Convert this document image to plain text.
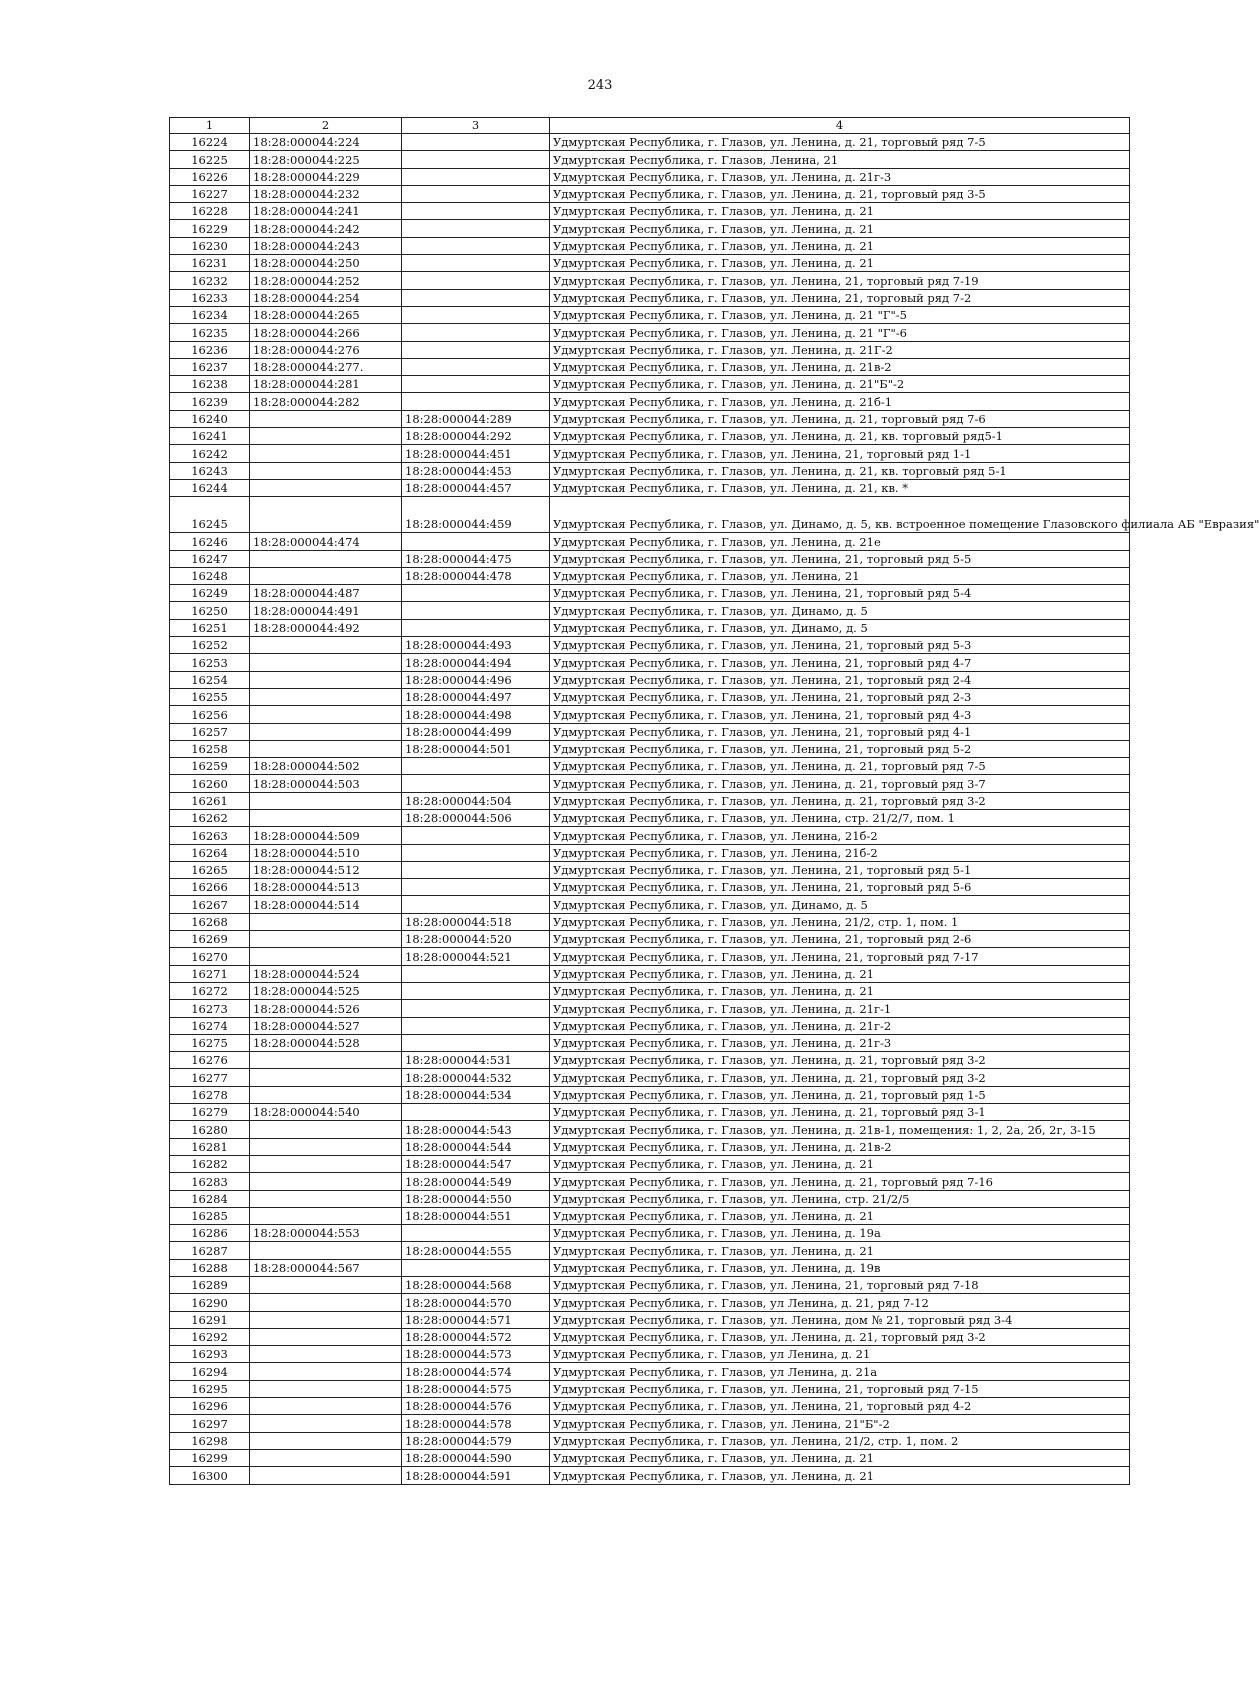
243
1	2	3	4
16224	18:28:000044:224		Удмуртская Республика, г. Глазов, ул. Ленина, д. 21, торговый ряд 7-5
16225	18:28:000044:225		Удмуртская Республика, г. Глазов, Ленина, 21
16226	18:28:000044:229		Удмуртская Республика, г. Глазов, ул. Ленина, д. 21г-3
16227	18:28:000044:232		Удмуртская Республика, г. Глазов, ул. Ленина, д. 21, торговый ряд 3-5
16228	18:28:000044:241		Удмуртская Республика, г. Глазов, ул. Ленина, д. 21
16229	18:28:000044:242		Удмуртская Республика, г. Глазов, ул. Ленина, д. 21
16230	18:28:000044:243		Удмуртская Республика, г. Глазов, ул. Ленина, д. 21
16231	18:28:000044:250		Удмуртская Республика, г. Глазов, ул. Ленина, д. 21
16232	18:28:000044:252		Удмуртская Республика, г. Глазов, ул. Ленина, 21, торговый ряд 7-19
16233	18:28:000044:254		Удмуртская Республика, г. Глазов, ул. Ленина, 21, торговый ряд 7-2
16234	18:28:000044:265		Удмуртская Республика, г. Глазов, ул. Ленина, д. 21 "Г"-5
16235	18:28:000044:266		Удмуртская Республика, г. Глазов, ул. Ленина, д. 21 "Г"-6
16236	18:28:000044:276		Удмуртская Республика, г. Глазов, ул. Ленина, д. 21Г-2
16237	18:28:000044:277.		Удмуртская Республика, г. Глазов, ул. Ленина, д. 21в-2
16238	18:28:000044:281		Удмуртская Республика, г. Глазов, ул. Ленина, д. 21"Б"-2
16239	18:28:000044:282		Удмуртская Республика, г. Глазов, ул. Ленина, д. 21б-1
16240		18:28:000044:289	Удмуртская Республика, г. Глазов, ул. Ленина, д. 21, торговый ряд 7-6
16241		18:28:000044:292	Удмуртская Республика, г. Глазов, ул. Ленина, д. 21, кв. торговый ряд5-1
16242		18:28:000044:451	Удмуртская Республика, г. Глазов, ул. Ленина, 21, торговый ряд 1-1
16243		18:28:000044:453	Удмуртская Республика, г. Глазов, ул. Ленина, д. 21, кв. торговый ряд 5-1
16244		18:28:000044:457	Удмуртская Республика, г. Глазов, ул. Ленина, д. 21, кв. *
16245		18:28:000044:459	Удмуртская Республика, г. Глазов, ул. Динамо, д. 5, кв. встроенное помещение Глазовского филиала АБ "Евразия"
16246	18:28:000044:474		Удмуртская Республика, г. Глазов, ул. Ленина, д. 21е
16247		18:28:000044:475	Удмуртская Республика, г. Глазов, ул. Ленина, 21, торговый ряд 5-5
16248		18:28:000044:478	Удмуртская Республика, г. Глазов, ул. Ленина, 21
16249	18:28:000044:487		Удмуртская Республика, г. Глазов, ул. Ленина, 21, торговый ряд 5-4
16250	18:28:000044:491		Удмуртская Республика, г. Глазов, ул. Динамо, д. 5
16251	18:28:000044:492		Удмуртская Республика, г. Глазов, ул. Динамо, д. 5
16252		18:28:000044:493	Удмуртская Республика, г. Глазов, ул. Ленина, 21, торговый ряд 5-3
16253		18:28:000044:494	Удмуртская Республика, г. Глазов, ул. Ленина, 21, торговый ряд 4-7
16254		18:28:000044:496	Удмуртская Республика, г. Глазов, ул. Ленина, 21, торговый ряд 2-4
16255		18:28:000044:497	Удмуртская Республика, г. Глазов, ул. Ленина, 21, торговый ряд 2-3
16256		18:28:000044:498	Удмуртская Республика, г. Глазов, ул. Ленина, 21, торговый ряд 4-3
16257		18:28:000044:499	Удмуртская Республика, г. Глазов, ул. Ленина, 21, торговый ряд 4-1
16258		18:28:000044:501	Удмуртская Республика, г. Глазов, ул. Ленина, 21, торговый ряд 5-2
16259	18:28:000044:502		Удмуртская Республика, г. Глазов, ул. Ленина, д. 21, торговый ряд 7-5
16260	18:28:000044:503		Удмуртская Республика, г. Глазов, ул. Ленина, д. 21, торговый ряд 3-7
16261		18:28:000044:504	Удмуртская Республика, г. Глазов, ул. Ленина, д. 21, торговый ряд 3-2
16262		18:28:000044:506	Удмуртская Республика, г. Глазов, ул. Ленина, стр. 21/2/7, пом. 1
16263	18:28:000044:509		Удмуртская Республика, г. Глазов, ул. Ленина, 21б-2
16264	18:28:000044:510		Удмуртская Республика, г. Глазов, ул. Ленина, 21б-2
16265	18:28:000044:512		Удмуртская Республика, г. Глазов, ул. Ленина, 21, торговый ряд 5-1
16266	18:28:000044:513		Удмуртская Республика, г. Глазов, ул. Ленина, 21, торговый ряд 5-6
16267	18:28:000044:514		Удмуртская Республика, г. Глазов, ул. Динамо, д. 5
16268		18:28:000044:518	Удмуртская Республика, г. Глазов, ул. Ленина, 21/2, стр. 1, пом. 1
16269		18:28:000044:520	Удмуртская Республика, г. Глазов, ул. Ленина, 21, торговый ряд 2-6
16270		18:28:000044:521	Удмуртская Республика, г. Глазов, ул. Ленина, 21, торговый ряд 7-17
16271	18:28:000044:524		Удмуртская Республика, г. Глазов, ул. Ленина, д. 21
16272	18:28:000044:525		Удмуртская Республика, г. Глазов, ул. Ленина, д. 21
16273	18:28:000044:526		Удмуртская Республика, г. Глазов, ул. Ленина, д. 21г-1
16274	18:28:000044:527		Удмуртская Республика, г. Глазов, ул. Ленина, д. 21г-2
16275	18:28:000044:528		Удмуртская Республика, г. Глазов, ул. Ленина, д. 21г-3
16276		18:28:000044:531	Удмуртская Республика, г. Глазов, ул. Ленина, д. 21, торговый ряд 3-2
16277		18:28:000044:532	Удмуртская Республика, г. Глазов, ул. Ленина, д. 21, торговый ряд 3-2
16278		18:28:000044:534	Удмуртская Республика, г. Глазов, ул. Ленина, д. 21, торговый ряд 1-5
16279	18:28:000044:540		Удмуртская Республика, г. Глазов, ул. Ленина, д. 21, торговый ряд 3-1
16280		18:28:000044:543	Удмуртская Республика, г. Глазов, ул. Ленина, д. 21в-1, помещения: 1, 2, 2а, 2б, 2г, 3-15
16281		18:28:000044:544	Удмуртская Республика, г. Глазов, ул. Ленина, д. 21в-2
16282		18:28:000044:547	Удмуртская Республика, г. Глазов, ул. Ленина, д. 21
16283		18:28:000044:549	Удмуртская Республика, г. Глазов, ул. Ленина, д. 21, торговый ряд 7-16
16284		18:28:000044:550	Удмуртская Республика, г. Глазов, ул. Ленина, стр. 21/2/5
16285		18:28:000044:551	Удмуртская Республика, г. Глазов, ул. Ленина, д. 21
16286	18:28:000044:553		Удмуртская Республика, г. Глазов, ул. Ленина, д. 19а
16287		18:28:000044:555	Удмуртская Республика, г. Глазов, ул. Ленина, д. 21
16288	18:28:000044:567		Удмуртская Республика, г. Глазов, ул. Ленина, д. 19в
16289		18:28:000044:568	Удмуртская Республика, г. Глазов, ул. Ленина, 21, торговый ряд 7-18
16290		18:28:000044:570	Удмуртская Республика, г. Глазов, ул Ленина, д. 21, ряд 7-12
16291		18:28:000044:571	Удмуртская Республика, г. Глазов, ул. Ленина, дом № 21, торговый ряд 3-4
16292		18:28:000044:572	Удмуртская Республика, г. Глазов, ул. Ленина, д. 21, торговый ряд 3-2
16293		18:28:000044:573	Удмуртская Республика, г. Глазов, ул Ленина, д. 21
16294		18:28:000044:574	Удмуртская Республика, г. Глазов, ул Ленина, д. 21а
16295		18:28:000044:575	Удмуртская Республика, г. Глазов, ул. Ленина, 21, торговый ряд 7-15
16296		18:28:000044:576	Удмуртская Республика, г. Глазов, ул. Ленина, 21, торговый ряд 4-2
16297		18:28:000044:578	Удмуртская Республика, г. Глазов, ул. Ленина, 21"Б"-2
16298		18:28:000044:579	Удмуртская Республика, г. Глазов, ул. Ленина, 21/2, стр. 1, пом. 2
16299		18:28:000044:590	Удмуртская Республика, г. Глазов, ул. Ленина, д. 21
16300		18:28:000044:591	Удмуртская Республика, г. Глазов, ул. Ленина, д. 21
